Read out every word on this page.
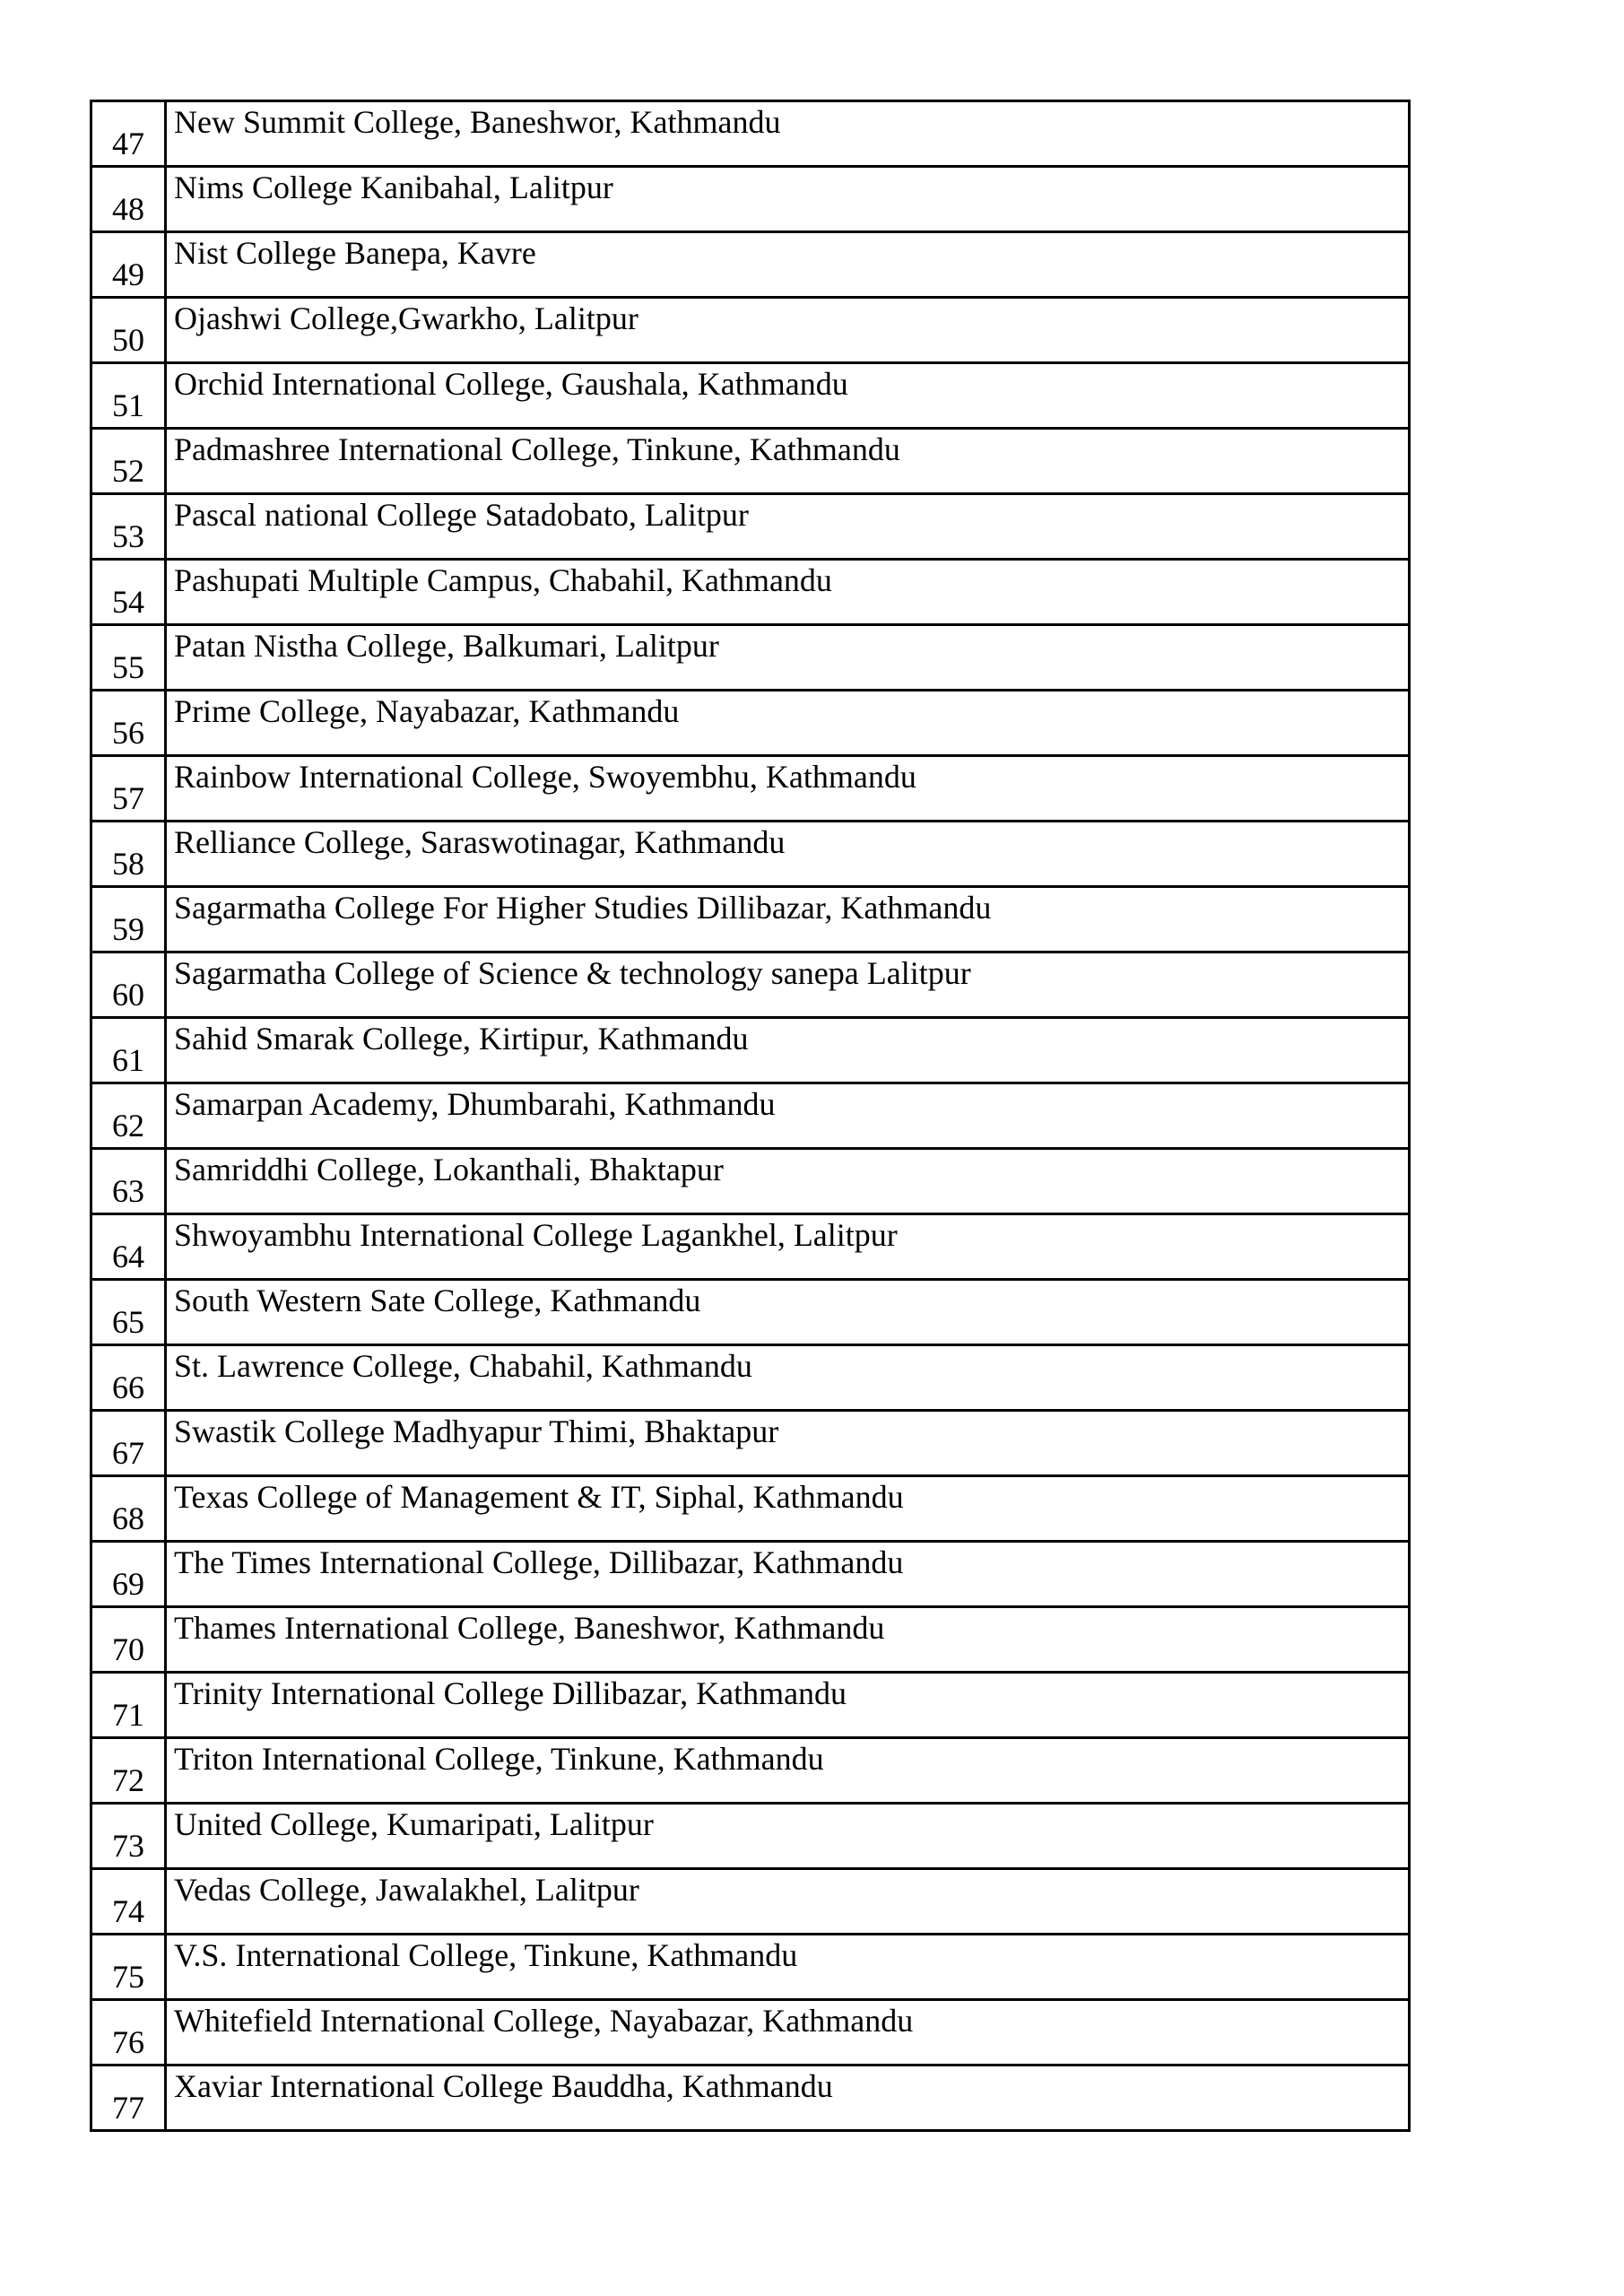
47	New Summit College, Baneshwor, Kathmandu
48	Nims College Kanibahal, Lalitpur
49	Nist College Banepa, Kavre
50	Ojashwi College,Gwarkho, Lalitpur
51	Orchid International College, Gaushala, Kathmandu
52	Padmashree International College, Tinkune, Kathmandu
53	Pascal national College Satadobato, Lalitpur
54	Pashupati Multiple Campus, Chabahil, Kathmandu
55	Patan Nistha College, Balkumari, Lalitpur
56	Prime College, Nayabazar, Kathmandu
57	Rainbow International College, Swoyembhu, Kathmandu
58	Relliance College, Saraswotinagar, Kathmandu
59	Sagarmatha College For Higher Studies Dillibazar, Kathmandu
60	Sagarmatha College of Science & technology sanepa Lalitpur
61	Sahid Smarak College, Kirtipur, Kathmandu
62	Samarpan Academy, Dhumbarahi, Kathmandu
63	Samriddhi College, Lokanthali, Bhaktapur
64	Shwoyambhu International College Lagankhel, Lalitpur
65	South Western Sate College, Kathmandu
66	St. Lawrence College, Chabahil, Kathmandu
67	Swastik College Madhyapur Thimi, Bhaktapur
68	Texas College of Management & IT, Siphal, Kathmandu
69	The Times International College, Dillibazar, Kathmandu
70	Thames International College, Baneshwor, Kathmandu
71	Trinity International College Dillibazar, Kathmandu
72	Triton International College, Tinkune, Kathmandu
73	United College, Kumaripati, Lalitpur
74	Vedas College, Jawalakhel, Lalitpur
75	V.S. International College, Tinkune, Kathmandu
76	Whitefield International College, Nayabazar, Kathmandu
77	Xaviar International College Bauddha, Kathmandu
